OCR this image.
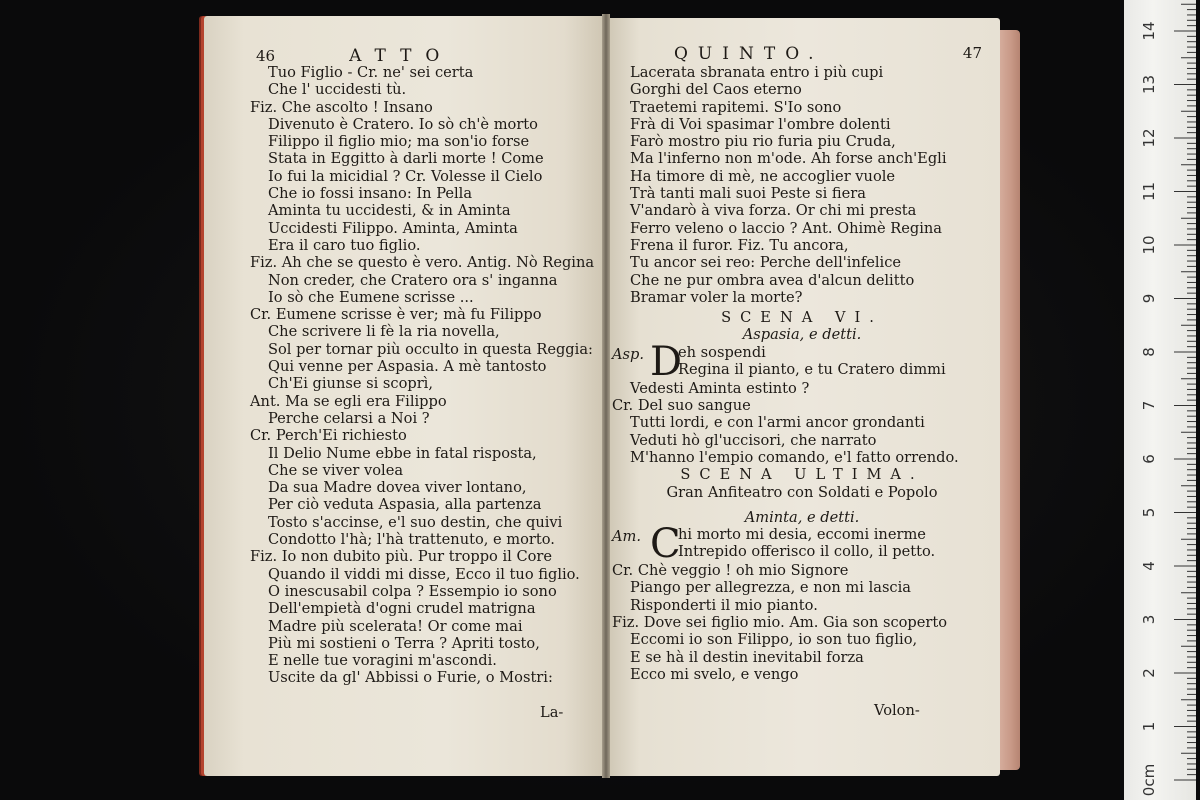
46	ATTO
Tuo Figlio - Cr. ne' sei certa
Che l' uccidesti tù.
Fiz. Che ascolto ! Insano
Divenuto è Cratero. Io sò ch'è morto
Filippo il figlio mio; ma son'io forse
Stata in Eggitto à darli morte ! Come
Io fui la micidial ? Cr. Volesse il Cielo
Che io fossi insano: In Pella
Aminta tu uccidesti, & in Aminta
Uccidesti Filippo. Aminta, Aminta
Era il caro tuo figlio.
Fiz. Ah che se questo è vero. Antig. Nò Regina
Non creder, che Cratero ora s' inganna
Io sò che Eumene scrisse ...
Cr. Eumene scrisse è ver; mà fu Filippo
Che scrivere li fè la ria novella,
Sol per tornar più occulto in questa Reggia:
Qui venne per Aspasia. A mè tantosto
Ch'Ei giunse si scoprì,
Ant. Ma se egli era Filippo
Perche celarsi a Noi ?
Cr. Perch'Ei richiesto
Il Delio Nume ebbe in fatal risposta,
Che se viver volea
Da sua Madre dovea viver lontano,
Per ciò veduta Aspasia, alla partenza
Tosto s'accinse, e'l suo destin, che quivi
Condotto l'hà; l'hà trattenuto, e morto.
Fiz. Io non dubito più. Pur troppo il Core
Quando il viddi mi disse, Ecco il tuo figlio.
O inescusabil colpa ? Essempio io sono
Dell'empietà d'ogni crudel matrigna
Madre più scelerata! Or come mai
Più mi sostieni o Terra ? Apriti tosto,
E nelle tue voragini m'ascondi.
Uscite da gl' Abbissi o Furie, o Mostri:
La-
QUINTO.	47
Lacerata sbranata entro i più cupi
Gorghi del Caos eterno
Traetemi rapitemi. S'Io sono
Frà di Voi spasimar l'ombre dolenti
Farò mostro piu rio furia piu Cruda,
Ma l'inferno non m'ode. Ah forse anch'Egli
Ha timore di mè, ne accoglier vuole
Trà tanti mali suoi Peste si fiera
V'andarò à viva forza. Or chi mi presta
Ferro veleno o laccio ? Ant. Ohimè Regina
Frena il furor. Fiz. Tu ancora,
Tu ancor sei reo: Perche dell'infelice
Che ne pur ombra avea d'alcun delitto
Bramar voler la morte?
SCENA VI.
Aspasia, e detti.
Asp. D
eh sospendi
Regina il pianto, e tu Cratero dimmi
Vedesti Aminta estinto ?
Cr. Del suo sangue
Tutti lordi, e con l'armi ancor grondanti
Veduti hò gl'uccisori, che narrato
M'hanno l'empio comando, e'l fatto orrendo.
SCENA ULTIMA.
Gran Anfiteatro con Soldati e Popolo
Aminta, e detti.
Am. C
hi morto mi desia, eccomi inerme
Intrepido offerisco il collo, il petto.
Cr. Chè veggio ! oh mio Signore
Piango per allegrezza, e non mi lascia
Risponderti il mio pianto.
Fiz. Dove sei figlio mio. Am. Gia son scoperto
Eccomi io son Filippo, io son tuo figlio,
E se hà il destin inevitabil forza
Ecco mi svelo, e vengo
Volon-
0cm
1
2
3
4
5
6
7
8
9
10
11
12
13
14
